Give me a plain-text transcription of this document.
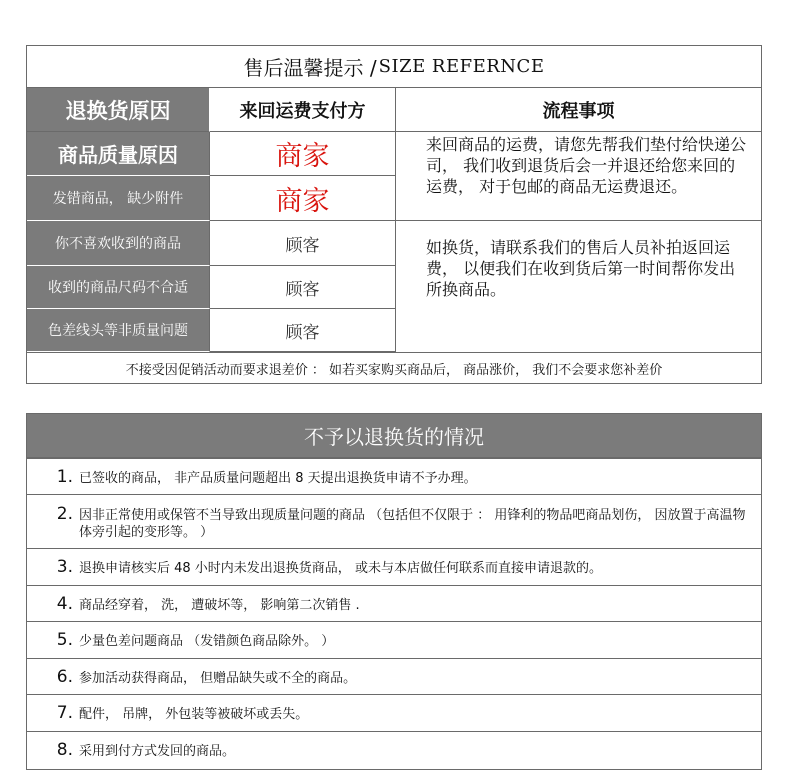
售后温馨提示 / SIZE REFERNCE
退换货原因	来回运费支付方	流程事项
商品质量原因	商家
发错商品， 缺少附件	商家
你不喜欢收到的商品	顾客
收到的商品尺码不合适	顾客
色差线头等非质量问题	顾客
来回商品的运费，请您先帮我们垫付给快递公司， 我们收到退货后会一并退还给您来回的运费， 对于包邮的商品无运费退还。
如换货，请联系我们的售后人员补拍返回运费， 以便我们在收到货后第一时间帮你发出所换商品。
不接受因促销活动而要求退差价 ： 如若买家购买商品后， 商品涨价， 我们不会要求您补差价
不予以退换货的情况
1. 已签收的商品， 非产品质量问题超出 8 天提出退换货申请不予办理。
2. 因非正常使用或保管不当导致出现质量问题的商品 （包括但不仅限于 ： 用锋利的物品吧商品划伤， 因放置于高温物体旁引起的变形等。 ）
3. 退换申请核实后 48 小时内未发出退换货商品， 或未与本店做任何联系而直接申请退款的。
4. 商品经穿着， 洗， 遭破坏等， 影响第二次销售 .
5. 少量色差问题商品 （发错颜色商品除外。 ）
6. 参加活动获得商品， 但赠品缺失或不全的商品。
7. 配件， 吊牌， 外包装等被破坏或丢失。
8. 采用到付方式发回的商品。
